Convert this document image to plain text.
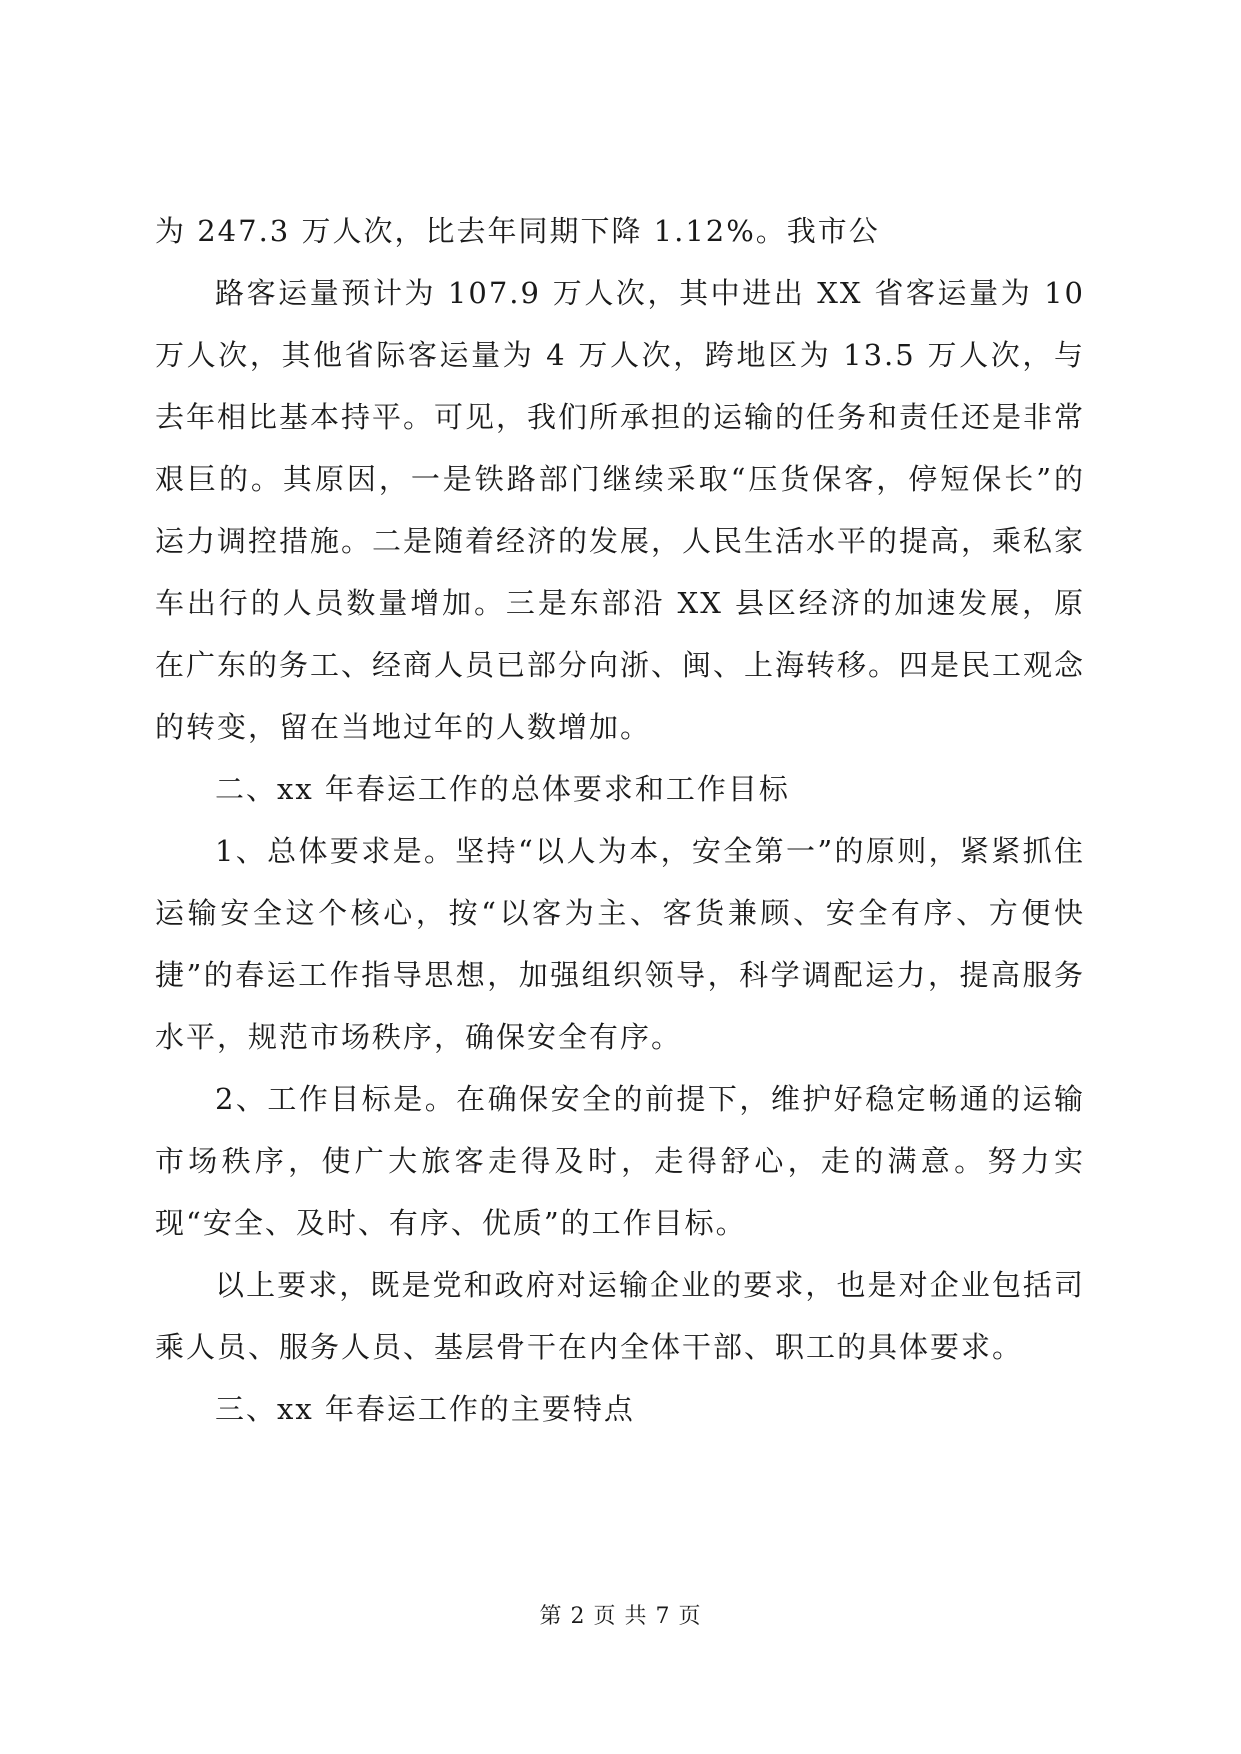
为 247.3 万人次，比去年同期下降 1.12%。我市公

路客运量预计为 107.9 万人次，其中进出 XX 省客运量为 10 万人次，其他省际客运量为 4 万人次，跨地区为 13.5 万人次，与去年相比基本持平。可见，我们所承担的运输的任务和责任还是非常艰巨的。其原因，一是铁路部门继续采取“压货保客，停短保长”的运力调控措施。二是随着经济的发展，人民生活水平的提高，乘私家车出行的人员数量增加。三是东部沿 XX 县区经济的加速发展，原在广东的务工、经商人员已部分向浙、闽、上海转移。四是民工观念的转变，留在当地过年的人数增加。

二、xx 年春运工作的总体要求和工作目标

1、总体要求是。坚持“以人为本，安全第一”的原则，紧紧抓住运输安全这个核心，按“以客为主、客货兼顾、安全有序、方便快捷”的春运工作指导思想，加强组织领导，科学调配运力，提高服务水平，规范市场秩序，确保安全有序。

2、工作目标是。在确保安全的前提下，维护好稳定畅通的运输市场秩序，使广大旅客走得及时，走得舒心，走的满意。努力实现“安全、及时、有序、优质”的工作目标。

以上要求，既是党和政府对运输企业的要求，也是对企业包括司乘人员、服务人员、基层骨干在内全体干部、职工的具体要求。

三、xx 年春运工作的主要特点

第 2 页 共 7 页
